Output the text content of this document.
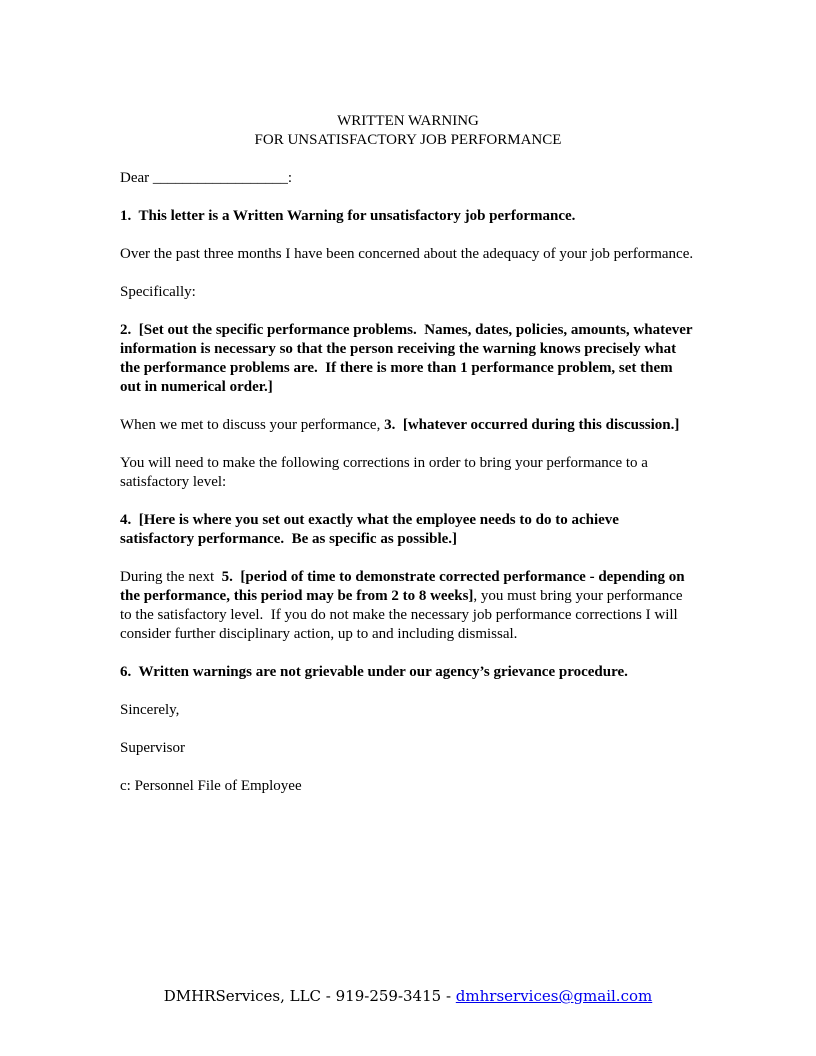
WRITTEN WARNING
FOR UNSATISFACTORY JOB PERFORMANCE

Dear __________________:

1.  This letter is a Written Warning for unsatisfactory job performance.

Over the past three months I have been concerned about the adequacy of your job performance.

Specifically:

2.  [Set out the specific performance problems.  Names, dates, policies, amounts, whatever information is necessary so that the person receiving the warning knows precisely what the performance problems are.  If there is more than 1 performance problem, set them out in numerical order.]

When we met to discuss your performance, 3.  [whatever occurred during this discussion.]

You will need to make the following corrections in order to bring your performance to a satisfactory level:

4.  [Here is where you set out exactly what the employee needs to do to achieve satisfactory performance.  Be as specific as possible.]

During the next  5.  [period of time to demonstrate corrected performance - depending on the performance, this period may be from 2 to 8 weeks], you must bring your performance to the satisfactory level.  If you do not make the necessary job performance corrections I will consider further disciplinary action, up to and including dismissal.

6.  Written warnings are not grievable under our agency’s grievance procedure.

Sincerely,

Supervisor

c: Personnel File of Employee

DMHRServices, LLC - 919-259-3415 - dmhrservices@gmail.com
